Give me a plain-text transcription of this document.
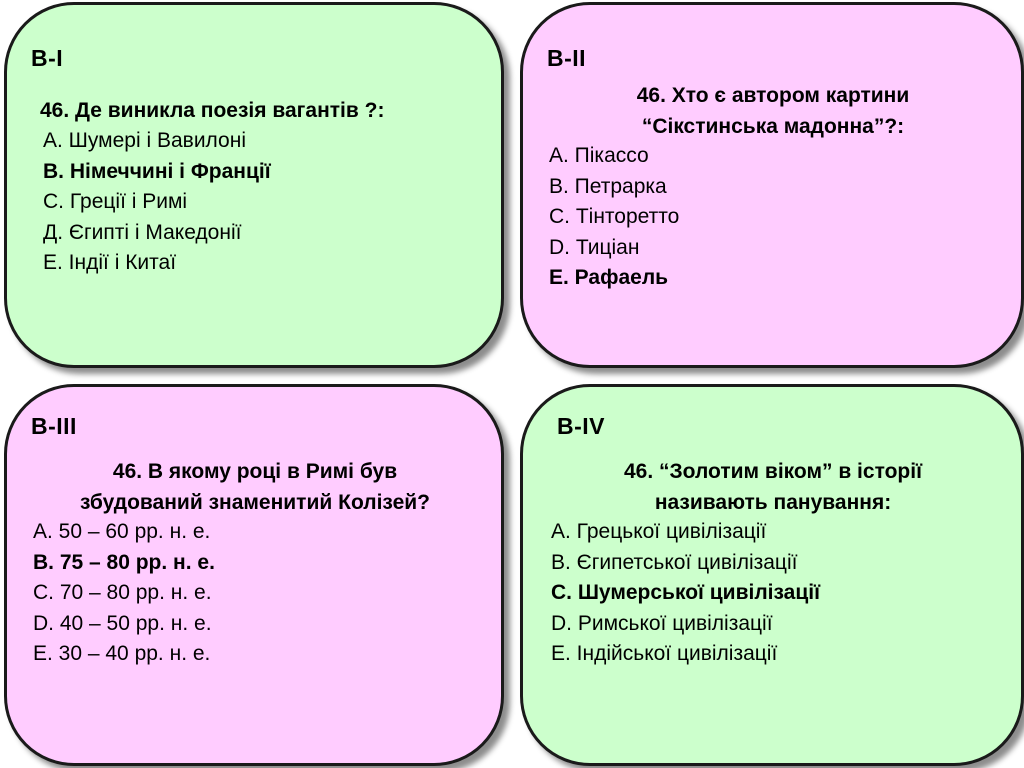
В-І
46. Де виникла поезія вагантів ?:
А. Шумері і Вавилоні
В. Німеччині і Франції
С. Греції і Римі
Д. Єгипті і Македонії
Е. Індії і Китаї
В-ІІ
46. Хто є автором картини
“Сікстинська мадонна”?:
А. Пікассо
В. Петрарка
С. Тінторетто
D. Тиціан
Е. Рафаель
В-ІІІ
46. В якому році в Римі був
збудований знаменитий Колізей?
А. 50 – 60 рр. н. е.
В. 75 – 80 рр. н. е.
С. 70 – 80 рр. н. е.
D. 40 – 50 рр. н. е.
Е. 30 – 40 рр. н. е.
В-ІV
46. “Золотим віком” в історії
називають панування:
А. Грецької цивілізації
В. Єгипетської цивілізації
С. Шумерської цивілізації
D. Римської цивілізації
Е. Індійської цивілізації
